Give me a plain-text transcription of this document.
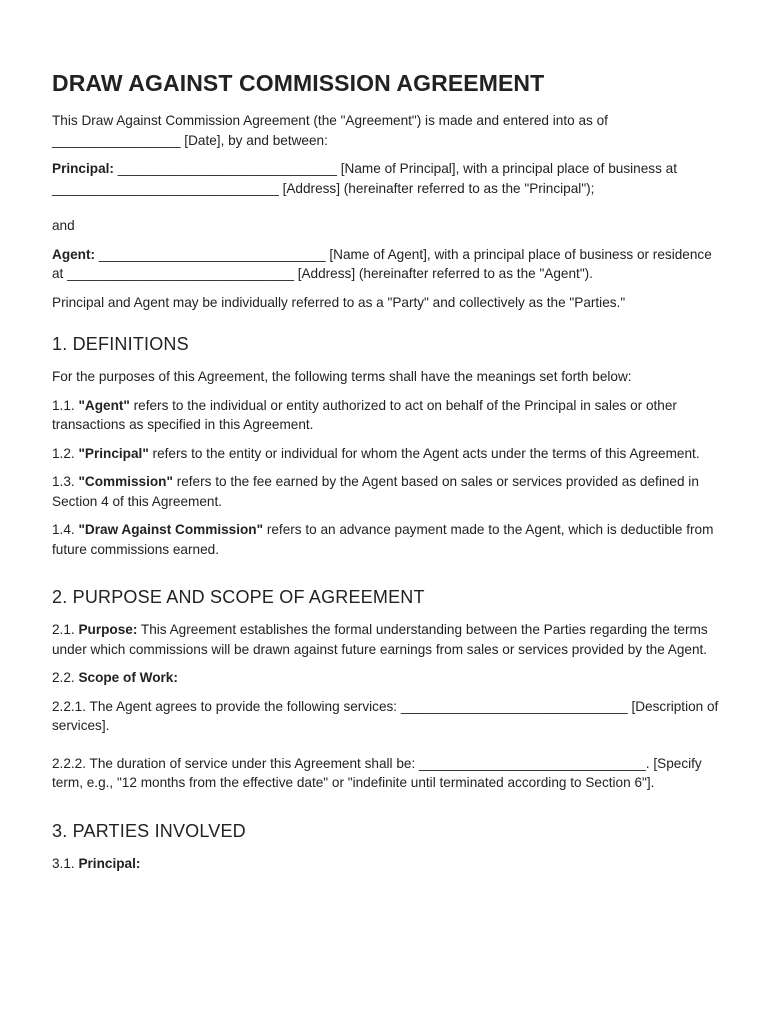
DRAW AGAINST COMMISSION AGREEMENT

This Draw Against Commission Agreement (the "Agreement") is made and entered into as of _________________ [Date], by and between:

Principal: _____________________________ [Name of Principal], with a principal place of business at ______________________________ [Address] (hereinafter referred to as the "Principal");

and

Agent: ______________________________ [Name of Agent], with a principal place of business or residence at ______________________________ [Address] (hereinafter referred to as the "Agent").

Principal and Agent may be individually referred to as a "Party" and collectively as the "Parties."

1. DEFINITIONS

For the purposes of this Agreement, the following terms shall have the meanings set forth below:

1.1. "Agent" refers to the individual or entity authorized to act on behalf of the Principal in sales or other transactions as specified in this Agreement.

1.2. "Principal" refers to the entity or individual for whom the Agent acts under the terms of this Agreement.

1.3. "Commission" refers to the fee earned by the Agent based on sales or services provided as defined in Section 4 of this Agreement.

1.4. "Draw Against Commission" refers to an advance payment made to the Agent, which is deductible from future commissions earned.

2. PURPOSE AND SCOPE OF AGREEMENT

2.1. Purpose: This Agreement establishes the formal understanding between the Parties regarding the terms under which commissions will be drawn against future earnings from sales or services provided by the Agent.

2.2. Scope of Work:

2.2.1. The Agent agrees to provide the following services: ______________________________ [Description of services].

2.2.2. The duration of service under this Agreement shall be: ______________________________. [Specify term, e.g., "12 months from the effective date" or "indefinite until terminated according to Section 6"].

3. PARTIES INVOLVED

3.1. Principal:
